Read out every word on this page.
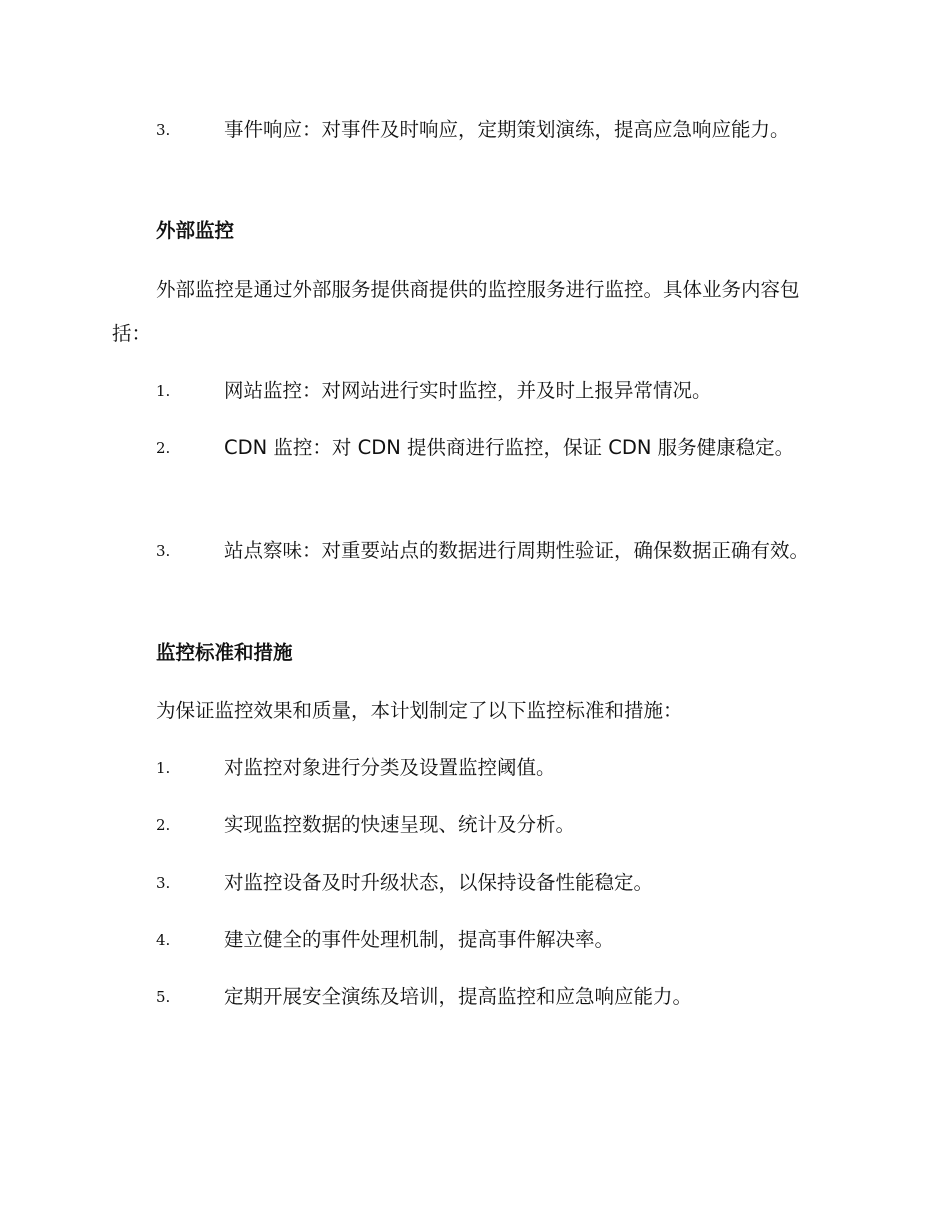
3.	事件响应：对事件及时响应，定期策划演练，提高应急响应能力。
外部监控
外部监控是通过外部服务提供商提供的监控服务进行监控。具体业务内容包括：
1.	网站监控：对网站进行实时监控，并及时上报异常情况。
2.	CDN 监控：对 CDN 提供商进行监控，保证 CDN 服务健康稳定。
3.	站点察味：对重要站点的数据进行周期性验证，确保数据正确有效。
监控标准和措施
为保证监控效果和质量，本计划制定了以下监控标准和措施：
1.	对监控对象进行分类及设置监控阈值。
2.	实现监控数据的快速呈现、统计及分析。
3.	对监控设备及时升级状态，以保持设备性能稳定。
4.	建立健全的事件处理机制，提高事件解决率。
5.	定期开展安全演练及培训，提高监控和应急响应能力。
